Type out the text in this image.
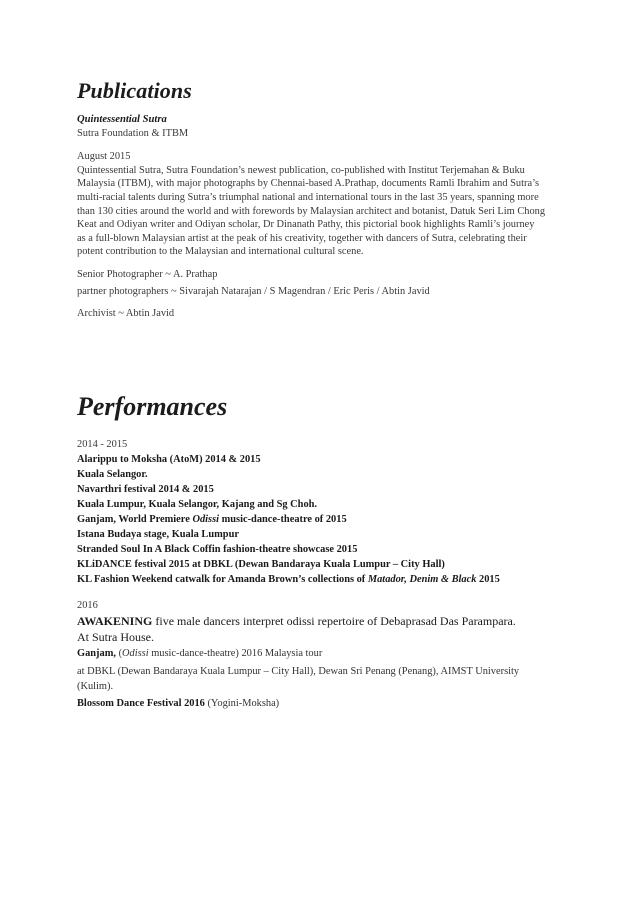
Publications

Quintessential Sutra

Sutra Foundation & ITBM

August 2015

Quintessential Sutra, Sutra Foundation’s newest publication, co-published with Institut Terjemahan & Buku

Malaysia (ITBM), with major photographs by Chennai-based A.Prathap, documents Ramli Ibrahim and Sutra’s

multi-racial talents during Sutra’s triumphal national and international tours in the last 35 years, spanning more

than 130 cities around the world and with forewords by Malaysian architect and botanist, Datuk Seri Lim Chong

Keat and Odiyan writer and Odiyan scholar, Dr Dinanath Pathy, this pictorial book highlights Ramli’s journey

as a full-blown Malaysian artist at the peak of his creativity, together with dancers of Sutra, celebrating their

potent contribution to the Malaysian and international cultural scene.

Senior Photographer ~ A. Prathap

partner photographers ~ Sivarajah Natarajan / S Magendran / Eric Peris / Abtin Javid

Archivist ~ Abtin Javid

Performances

2014 - 2015

Alarippu to Moksha (AtoM) 2014 & 2015

Kuala Selangor.

Navarthri festival 2014 & 2015

Kuala Lumpur, Kuala Selangor, Kajang and Sg Choh.

Ganjam, World Premiere Odissi music-dance-theatre of 2015

Istana Budaya stage, Kuala Lumpur

Stranded Soul In A Black Coffin fashion-theatre showcase 2015

KLiDANCE festival 2015 at DBKL (Dewan Bandaraya Kuala Lumpur – City Hall)

KL Fashion Weekend catwalk for Amanda Brown’s collections of Matador, Denim & Black 2015

2016

AWAKENING five male dancers interpret odissi repertoire of Debaprasad Das Parampara.

At Sutra House.

Ganjam, (Odissi music-dance-theatre) 2016 Malaysia tour

at DBKL (Dewan Bandaraya Kuala Lumpur – City Hall), Dewan Sri Penang (Penang), AIMST University

(Kulim).

Blossom Dance Festival 2016 (Yogini-Moksha)
